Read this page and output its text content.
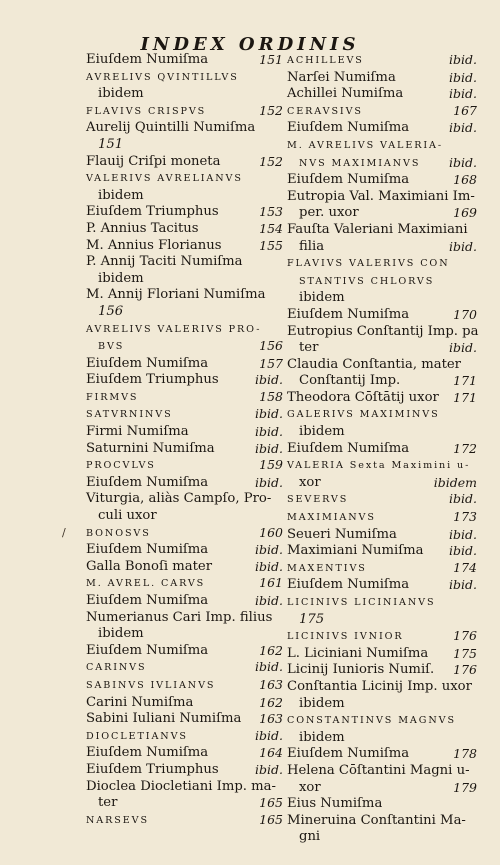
INDEX ORDINIS
Eiuſdem Numiſma	151
AVRELIVS QVINTILLVS
ibidem
FLAVIVS CRISPVS	152
Aurelij Quintilli Numiſma
151
Flauij Criſpi moneta	152
VALERIVS AVRELIANVS
ibidem
Eiuſdem Triumphus	153
P. Annius Tacitus	154
M. Annius Florianus	155
P. Annij Taciti Numiſma
ibidem
M. Annij Floriani Numiſma
156
AVRELIVS VALERIVS PRO-
BVS	156
Eiuſdem Numiſma	157
Eiuſdem Triumphus	ibid.
FIRMVS	158
SATVRNINVS	ibid.
Firmi Numiſma	ibid.
Saturnini Numiſma	ibid.
PROCVLVS	159
Eiuſdem Numiſma	ibid.
Viturgia, aliàs Campſo, Pro-
culi uxor
/ BONOSVS	160
Eiuſdem Numiſma	ibid.
Galla Bonoſi mater	ibid.
M. AVREL. CARVS	161
Eiuſdem Numiſma	ibid.
Numerianus Cari Imp. filius
ibidem
Eiuſdem Numiſma	162
CARINVS	ibid.
SABINVS IVLIANVS	163
Carini Numiſma	162
Sabini Iuliani Numiſma 163
DIOCLETIANVS	ibid.
Eiuſdem Numiſma	164
Eiuſdem Triumphus	ibid.
Dioclea Diocletiani Imp. ma-
ter	165
NARSEVS	165
ACHILLEVS	ibid.
Narſei Numiſma	ibid.
Achillei Numiſma	ibid.
CERAVSIVS	167
Eiuſdem Numiſma	ibid.
M. AVRELIVS VALERIA-
NVS MAXIMIANVS ibid.
Eiuſdem Numiſma	168
Eutropia Val. Maximiani Im-
per. uxor	169
Fauſta Valeriani Maximiani
filia	ibid.
FLAVIVS VALERIVS CON
STANTIVS CHLORVS
ibidem
Eiuſdem Numiſma	170
Eutropius Conſtantij Imp. pa
ter	ibid.
Claudia Conſtantia, mater
Conſtantij Imp.	171
Theodora Cōſtātij uxor 171
GALERIVS MAXIMINVS
ibidem
Eiuſdem Numiſma	172
VALERIA Sexta Maximini u-
xor	ibidem
SEVERVS	ibid.
MAXIMIANVS	173
Seueri Numiſma	ibid.
Maximiani Numiſma ibid.
MAXENTIVS	174
Eiuſdem Numiſma	ibid.
LICINIVS LICINIANVS
175
LICINIVS IVNIOR	176
L. Liciniani Numiſma 175
Licinij Iunioris Numiſ. 176
Conſtantia Licinij Imp. uxor
ibidem
CONSTANTINVS MAGNVS
ibidem
Eiuſdem Numiſma	178
Helena Cōſtantini Magni u-
xor	179
Eius Numiſma
Mineruina Conſtantini Ma-
gni
